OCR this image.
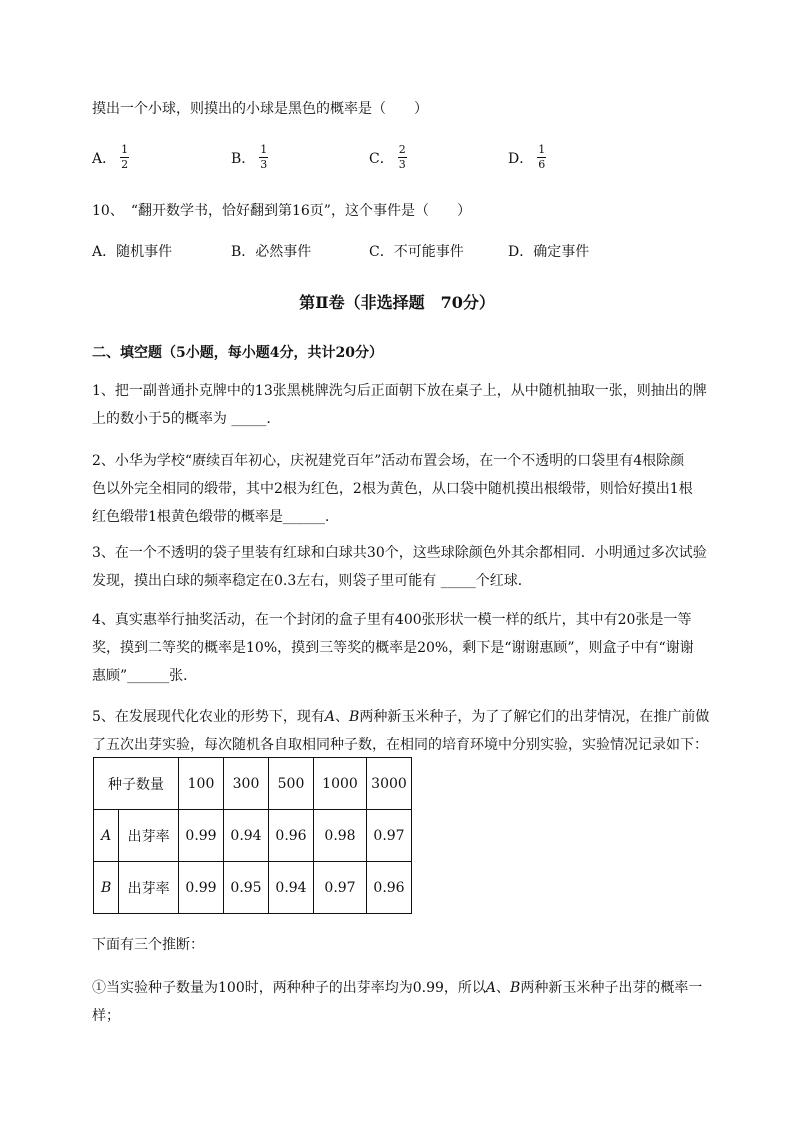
摸出一个小球，则摸出的小球是黑色的概率是（　　）
A． $\frac{1}{2}$	B． $\frac{1}{3}$	C． $\frac{2}{3}$	D． $\frac{1}{6}$
10、　“翻开数学书，恰好翻到第16页”，这个事件是（　　）
A．随机事件	B．必然事件	C．不可能事件	D．确定事件
第Ⅱ卷（非选择题　70分）
二、填空题（5小题，每小题4分，共计20分）
1、把一副普通扑克牌中的13张黑桃牌洗匀后正面朝下放在桌子上，从中随机抽取一张，则抽出的牌
上的数小于5的概率为 _____.
2、小华为学校“赓续百年初心，庆祝建党百年”活动布置会场，在一个不透明的口袋里有4根除颜
色以外完全相同的缎带，其中2根为红色，2根为黄色，从口袋中随机摸出根缎带，则恰好摸出1根
红色缎带1根黄色缎带的概率是______.
3、在一个不透明的袋子里装有红球和白球共30个，这些球除颜色外其余都相同．小明通过多次试验
发现，摸出白球的频率稳定在0.3左右，则袋子里可能有 _____个红球．
4、真实惠举行抽奖活动，在一个封闭的盒子里有400张形状一模一样的纸片，其中有20张是一等
奖，摸到二等奖的概率是10%，摸到三等奖的概率是20%，剩下是“谢谢惠顾”，则盒子中有“谢谢
惠顾”______张．
5、在发展现代化农业的形势下，现有A、B两种新玉米种子，为了了解它们的出芽情况，在推广前做
了五次出芽实验，每次随机各自取相同种子数，在相同的培育环境中分别实验，实验情况记录如下：
种子数量		100	300	500	1000	3000
A	出芽率	0.99	0.94	0.96	0.98	0.97
B	出芽率	0.99	0.95	0.94	0.97	0.96
下面有三个推断：
①当实验种子数量为100时，两种种子的出芽率均为0.99，所以A、B两种新玉米种子出芽的概率一
样；
